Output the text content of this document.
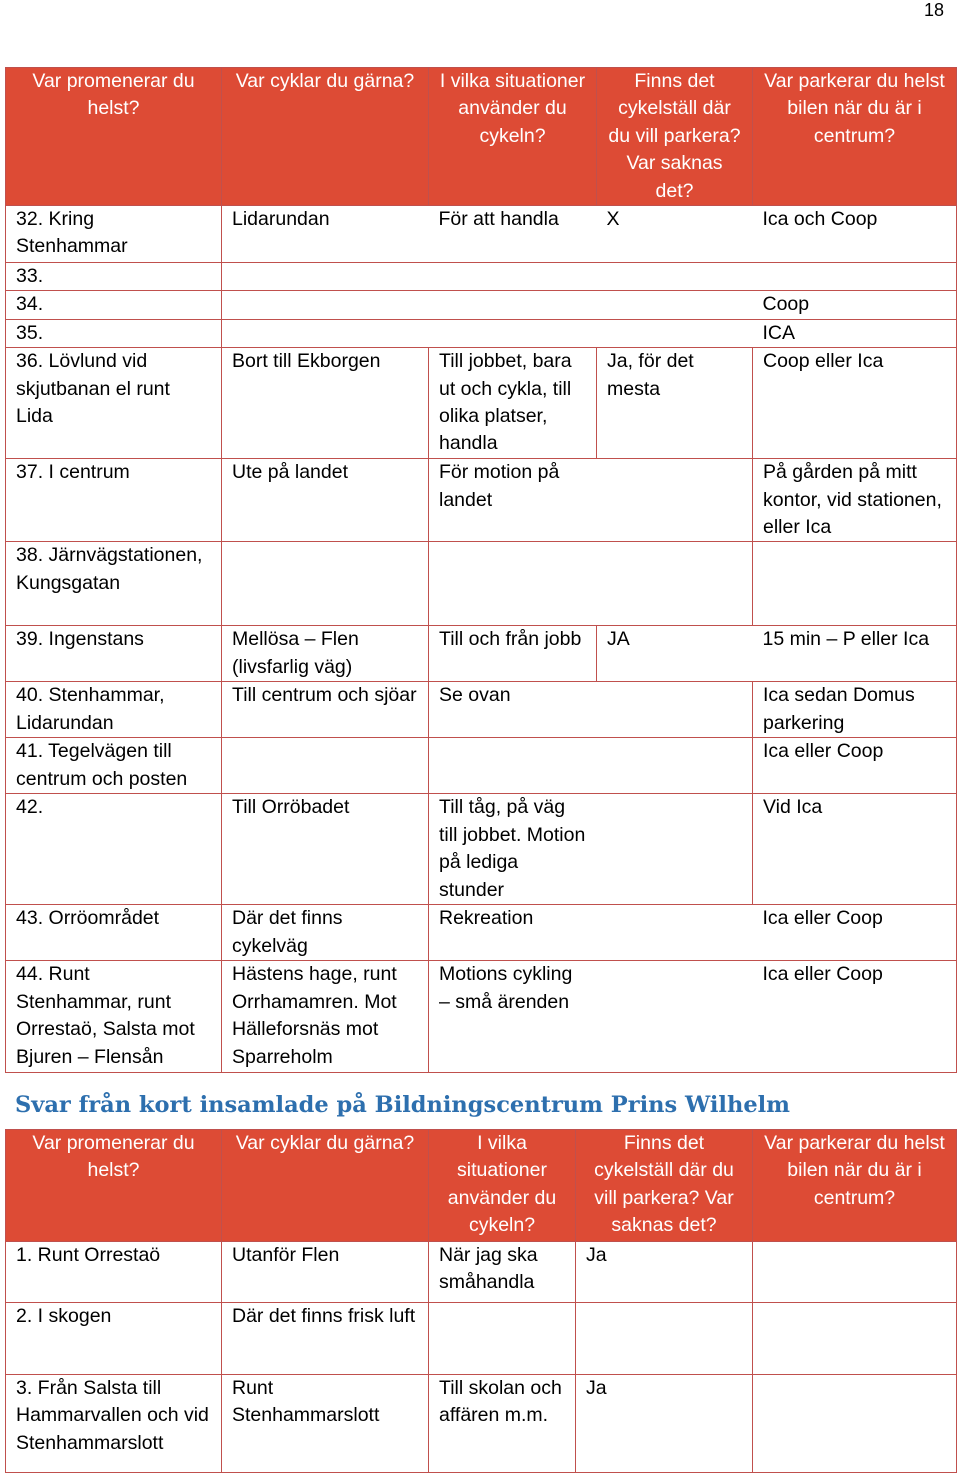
18
Var promenerar du helst?	Var cyklar du gärna?	I vilka situationer använder du cykeln?	Finns det cykelställ där du vill parkera? Var saknas det?	Var parkerar du helst bilen när du är i centrum?
32. Kring Stenhammar	Lidarundan	För att handla	X	Ica och Coop
33.				
34.				Coop
35.				ICA
36. Lövlund vid skjutbanan el runt Lida	Bort till Ekborgen	Till jobbet, bara ut och cykla, till olika platser, handla	Ja, för det mesta	Coop eller Ica
37. I centrum	Ute på landet	För motion på landet		På gården på mitt kontor, vid stationen, eller Ica
38. Järnvägstationen, Kungsgatan				
39. Ingenstans	Mellösa – Flen (livsfarlig väg)	Till och från jobb	JA	15 min – P eller Ica
40. Stenhammar, Lidarundan	Till centrum och sjöar	Se ovan		Ica sedan Domus parkering
41. Tegelvägen till centrum och posten				Ica eller Coop
42.	Till Orröbadet	Till tåg, på väg till jobbet. Motion på lediga stunder		Vid Ica
43. Orröområdet	Där det finns cykelväg	Rekreation		Ica eller Coop
44. Runt Stenhammar, runt Orrestaö, Salsta mot Bjuren – Flensån	Hästens hage, runt Orrhamamren. Mot Hälleforsnäs mot Sparreholm	Motions cykling – små ärenden		Ica eller Coop
Svar från kort insamlade på Bildningscentrum Prins Wilhelm
Var promenerar du helst?	Var cyklar du gärna?	I vilka situationer använder du cykeln?	Finns det cykelställ där du vill parkera? Var saknas det?	Var parkerar du helst bilen när du är i centrum?
1. Runt Orrestaö	Utanför Flen	När jag ska småhandla	Ja	
2. I skogen	Där det finns frisk luft			
3. Från Salsta till Hammarvallen och vid Stenhammarslott	Runt Stenhammarslott	Till skolan och affären m.m.	Ja	
